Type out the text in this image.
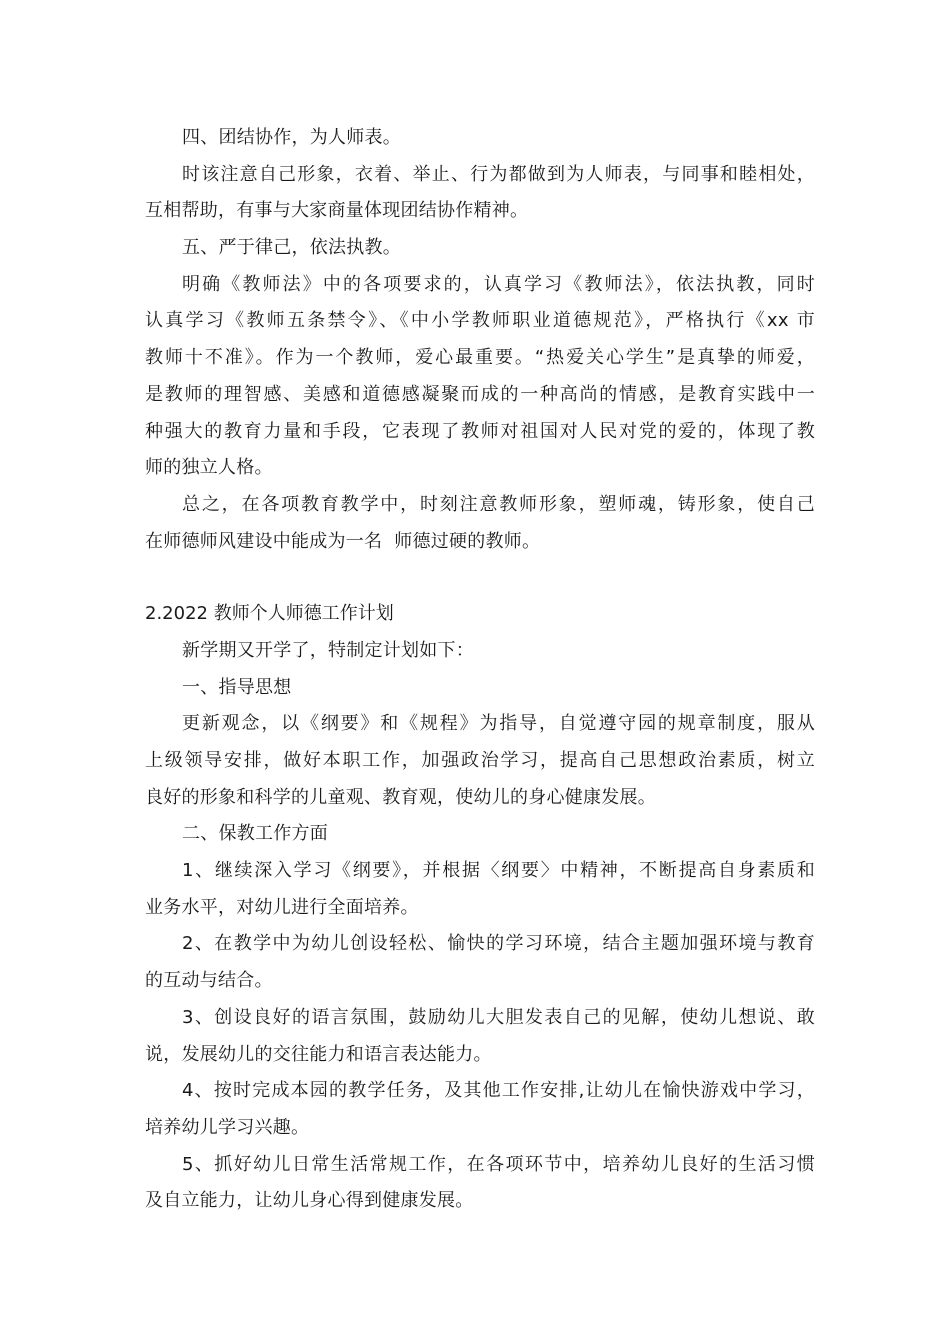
四、团结协作，为人师表。
时该注意自己形象，衣着、举止、行为都做到为人师表，与同事和睦相处，
互相帮助，有事与大家商量体现团结协作精神。
五、严于律己，依法执教。
明确《教师法》中的各项要求的，认真学习《教师法》，依法执教，同时
认真学习《教师五条禁令》、《中小学教师职业道德规范》，严格执行《xx 市
教师十不准》。作为一个教师，爱心最重要。“热爱关心学生”是真挚的师爱，
是教师的理智感、美感和道德感凝聚而成的一种高尚的情感，是教育实践中一
种强大的教育力量和手段，它表现了教师对祖国对人民对党的爱的，体现了教
师的独立人格。
总之，在各项教育教学中，时刻注意教师形象，塑师魂，铸形象，使自己
在师德师风建设中能成为一名  师德过硬的教师。
2.2022 教师个人师德工作计划
新学期又开学了，特制定计划如下：
一、指导思想
更新观念，以《纲要》和《规程》为指导，自觉遵守园的规章制度，服从
上级领导安排，做好本职工作，加强政治学习，提高自己思想政治素质，树立
良好的形象和科学的儿童观、教育观，使幼儿的身心健康发展。
二、保教工作方面
1、继续深入学习《纲要》，并根据〈纲要〉中精神，不断提高自身素质和
业务水平，对幼儿进行全面培养。
2、在教学中为幼儿创设轻松、愉快的学习环境，结合主题加强环境与教育
的互动与结合。
3、创设良好的语言氛围，鼓励幼儿大胆发表自己的见解，使幼儿想说、敢
说，发展幼儿的交往能力和语言表达能力。
4、按时完成本园的教学任务，及其他工作安排,让幼儿在愉快游戏中学习，
培养幼儿学习兴趣。
5、抓好幼儿日常生活常规工作，在各项环节中，培养幼儿良好的生活习惯
及自立能力，让幼儿身心得到健康发展。
